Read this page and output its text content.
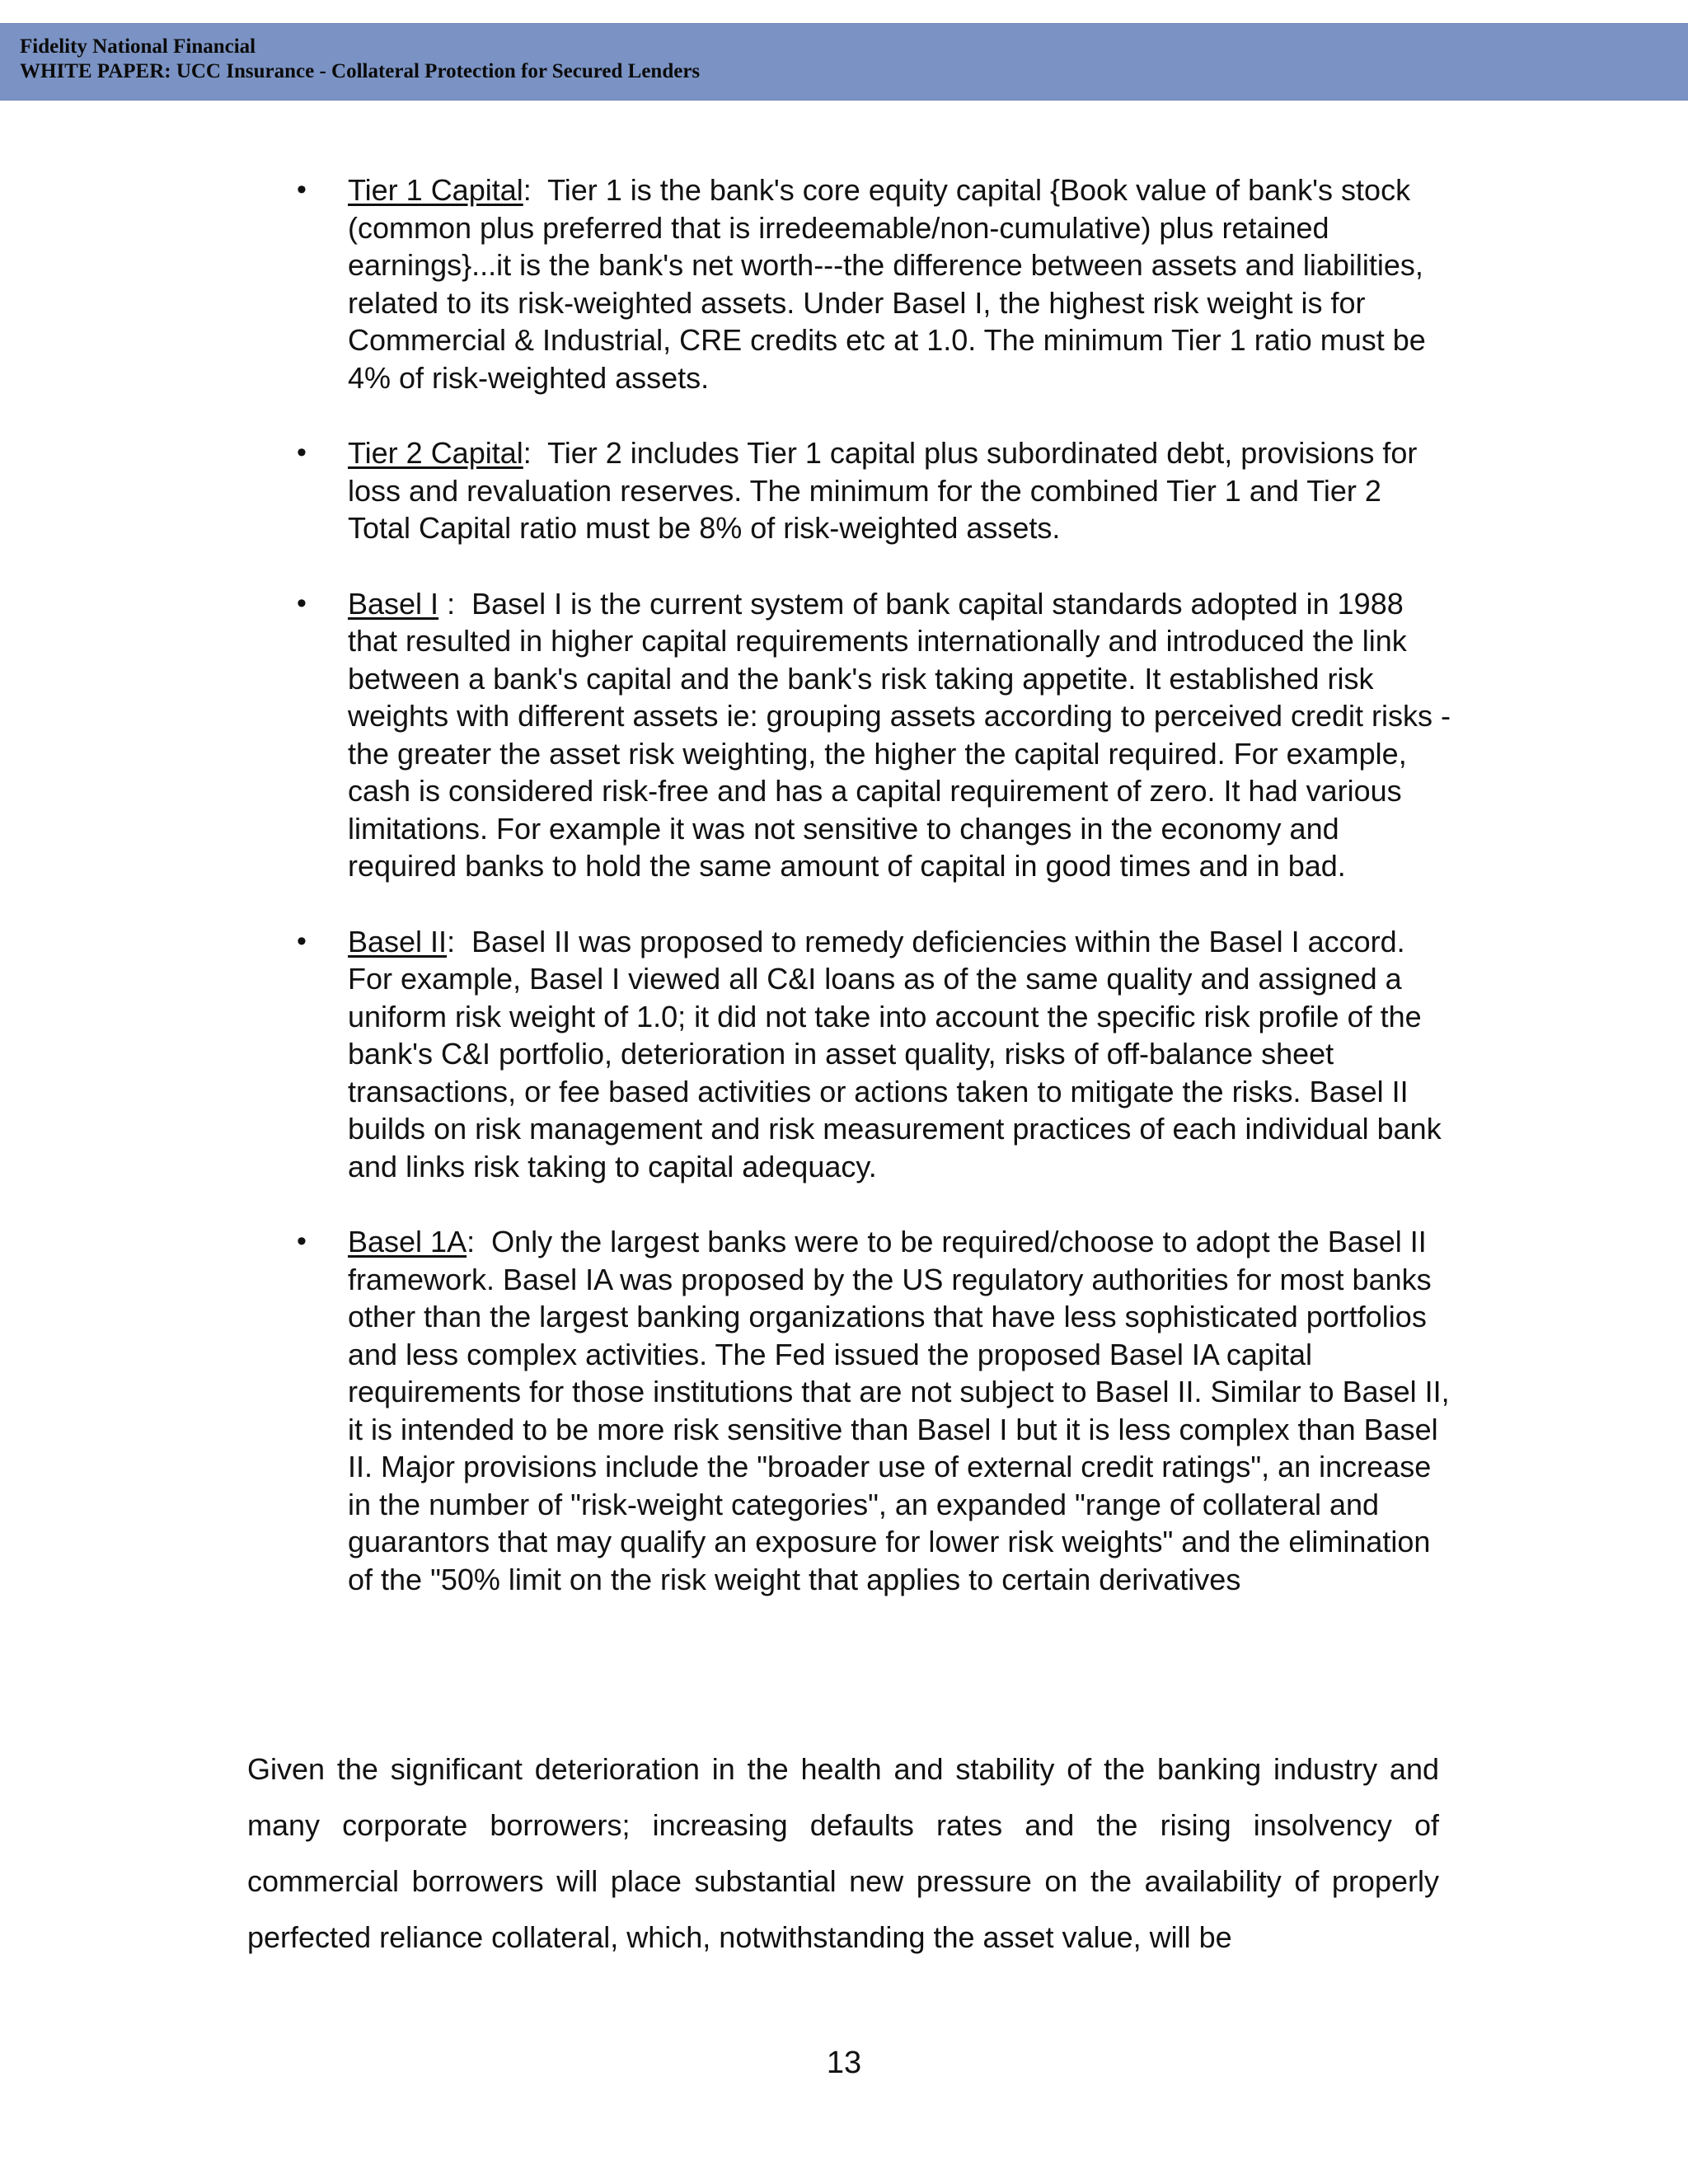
Fidelity National Financial
WHITE PAPER: UCC Insurance - Collateral Protection for Secured Lenders
• Tier 1 Capital:  Tier 1 is the bank's core equity capital {Book value of bank's stock (common plus preferred that is irredeemable/non-cumulative) plus retained earnings}...it is the bank's net worth---the difference between assets and liabilities, related to its risk-weighted assets. Under Basel I, the highest risk weight is for Commercial & Industrial, CRE credits etc at 1.0. The minimum Tier 1 ratio must be 4% of risk-weighted assets.
• Tier 2 Capital:  Tier 2 includes Tier 1 capital plus subordinated debt, provisions for loss and revaluation reserves. The minimum for the combined Tier 1 and Tier 2 Total Capital ratio must be 8% of risk-weighted assets.
• Basel I :  Basel I is the current system of bank capital standards adopted in 1988 that resulted in higher capital requirements internationally and introduced the link between a bank's capital and the bank's risk taking appetite. It established risk weights with different assets ie: grouping assets according to perceived credit risks -the greater the asset risk weighting, the higher the capital required. For example, cash is considered risk-free and has a capital requirement of zero. It had various limitations. For example it was not sensitive to changes in the economy and required banks to hold the same amount of capital in good times and in bad.
• Basel II:  Basel II was proposed to remedy deficiencies within the Basel I accord. For example, Basel I viewed all C&I loans as of the same quality and assigned a uniform risk weight of 1.0; it did not take into account the specific risk profile of the bank's C&I portfolio, deterioration in asset quality, risks of off-balance sheet transactions, or fee based activities or actions taken to mitigate the risks. Basel II builds on risk management and risk measurement practices of each individual bank and links risk taking to capital adequacy.
• Basel 1A:  Only the largest banks were to be required/choose to adopt the Basel II framework. Basel IA was proposed by the US regulatory authorities for most banks other than the largest banking organizations that have less sophisticated portfolios and less complex activities. The Fed issued the proposed Basel IA capital requirements for those institutions that are not subject to Basel II. Similar to Basel II, it is intended to be more risk sensitive than Basel I but it is less complex than Basel II. Major provisions include the "broader use of external credit ratings", an increase in the number of "risk-weight categories", an expanded "range of collateral and guarantors that may qualify an exposure for lower risk weights" and the elimination of the "50% limit on the risk weight that applies to certain derivatives

Given the significant deterioration in the health and stability of the banking industry and many corporate borrowers; increasing defaults rates and the rising insolvency of commercial borrowers will place substantial new pressure on the availability of properly perfected reliance collateral, which, notwithstanding the asset value, will be

13
